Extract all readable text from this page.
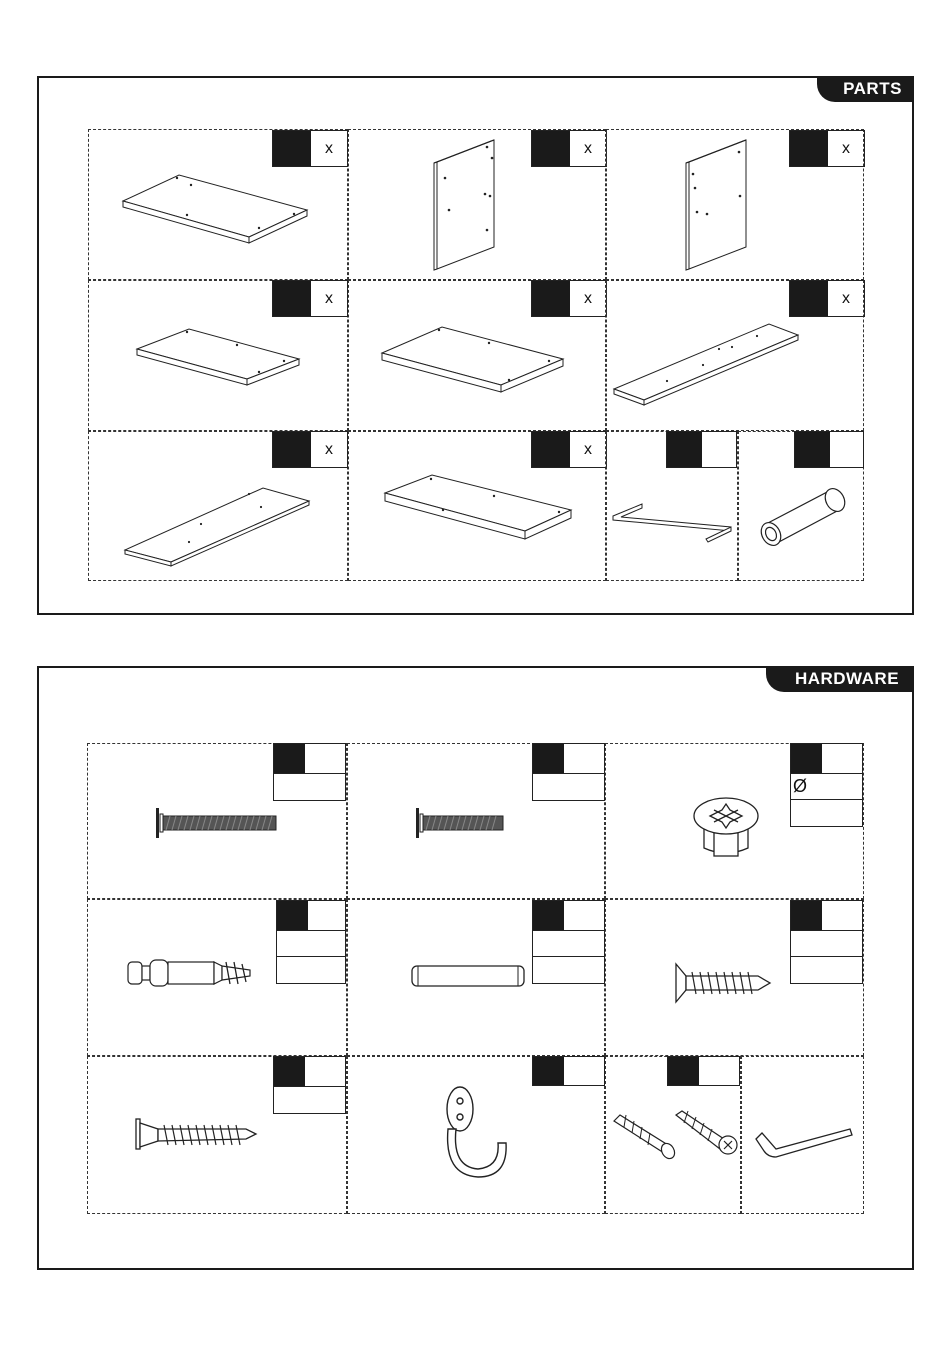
PARTS
x	x	x
x	x	x
x	x
HARDWARE
Ø
